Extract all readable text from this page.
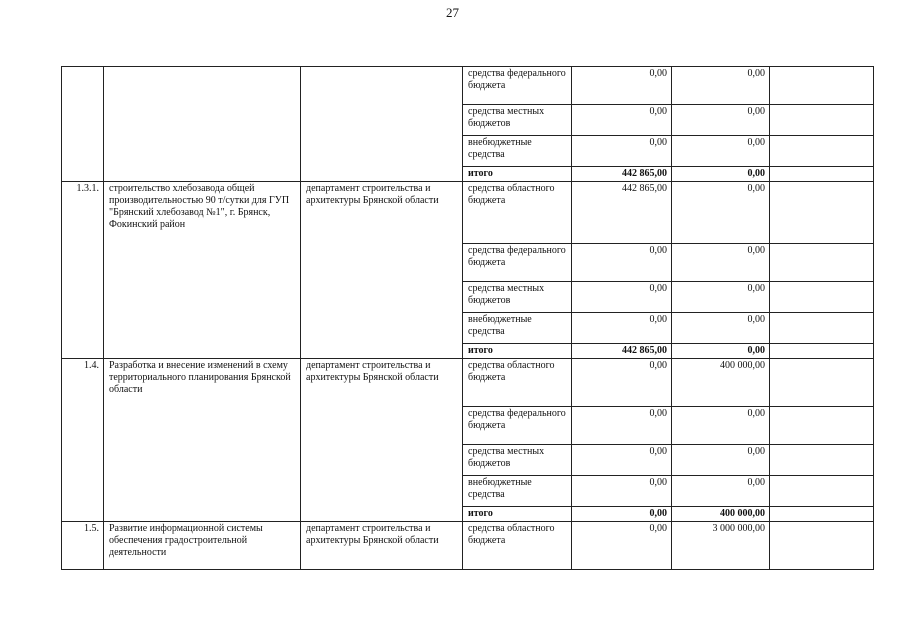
27
			средства федерального бюджета	0,00	0,00	
			средства местных бюджетов	0,00	0,00	
			внебюджетные средства	0,00	0,00	
			итого	442 865,00	0,00	
1.3.1.	строительство хлебозавода общей производительностью 90 т/сутки для ГУП "Брянский хлебозавод №1", г. Брянск, Фокинский район	департамент строительства и архитектуры Брянской области	средства областного бюджета	442 865,00	0,00	
			средства федерального бюджета	0,00	0,00	
			средства местных бюджетов	0,00	0,00	
			внебюджетные средства	0,00	0,00	
			итого	442 865,00	0,00	
1.4.	Разработка и внесение изменений в схему территориального планирования Брянской области	департамент строительства и архитектуры Брянской области	средства областного бюджета	0,00	400 000,00	
			средства федерального бюджета	0,00	0,00	
			средства местных бюджетов	0,00	0,00	
			внебюджетные средства	0,00	0,00	
			итого	0,00	400 000,00	
1.5.	Развитие информационной системы обеспечения градостроительной деятельности	департамент строительства и архитектуры Брянской области	средства областного бюджета	0,00	3 000 000,00	
